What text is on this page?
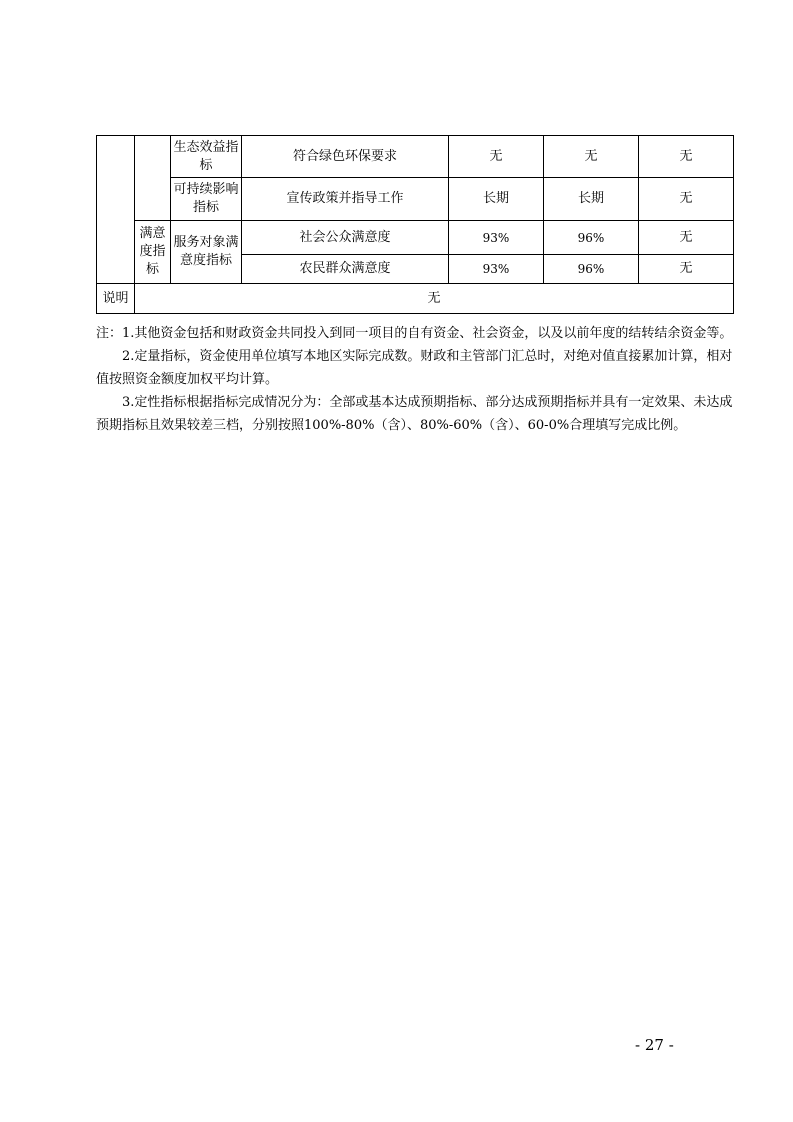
		生态效益指标	符合绿色环保要求	无	无	无
		可持续影响指标	宣传政策并指导工作	长期	长期	无
	满意度指标	服务对象满意度指标	社会公众满意度	93%	96%	无
			农民群众满意度	93%	96%	无
说明	无					

注：1.其他资金包括和财政资金共同投入到同一项目的自有资金、社会资金，以及以前年度的结转结余资金等。

2.定量指标，资金使用单位填写本地区实际完成数。财政和主管部门汇总时，对绝对值直接累加计算，相对值按照资金额度加权平均计算。

3.定性指标根据指标完成情况分为：全部或基本达成预期指标、部分达成预期指标并具有一定效果、未达成预期指标且效果较差三档，分别按照100%-80%（含）、80%-60%（含）、60-0%合理填写完成比例。

- 27 -
